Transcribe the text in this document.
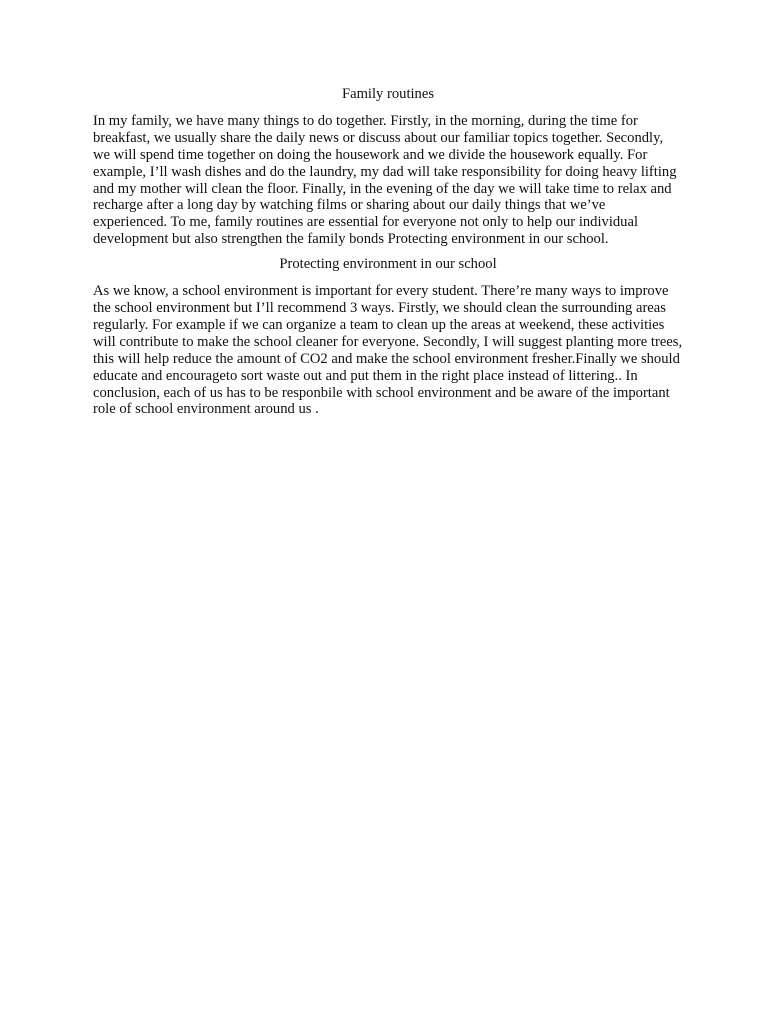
Family routines
In my family, we have many things to do together. Firstly, in the morning, during the time for breakfast, we usually share the daily news or discuss about our familiar topics together. Secondly,  we will spend time together on doing the housework and we divide the housework equally. For example, I’ll wash dishes and do the laundry, my dad will take responsibility for doing heavy lifting and my mother will clean the floor. Finally, in the evening of the day we will take time to relax and recharge after a long day by watching films or sharing about our daily things that we’ve experienced. To me, family routines are essential for everyone not only to help our individual development but also strengthen the family bonds Protecting environment in our school.
Protecting environment in our school
As we know, a school environment is important for every student. There’re many ways to improve the school environment but I’ll recommend 3 ways. Firstly, we should clean the surrounding areas regularly. For example if we can organize a team to clean up the areas at weekend, these activities will contribute to make the school cleaner for everyone. Secondly, I will suggest planting more trees, this will help reduce the amount of CO2 and make the school environment fresher.Finally we should educate and encourageto sort waste out and put them in the right place instead of littering.. In conclusion, each of us has to be responbile with school environment and be aware of the important role of school environment around us .
